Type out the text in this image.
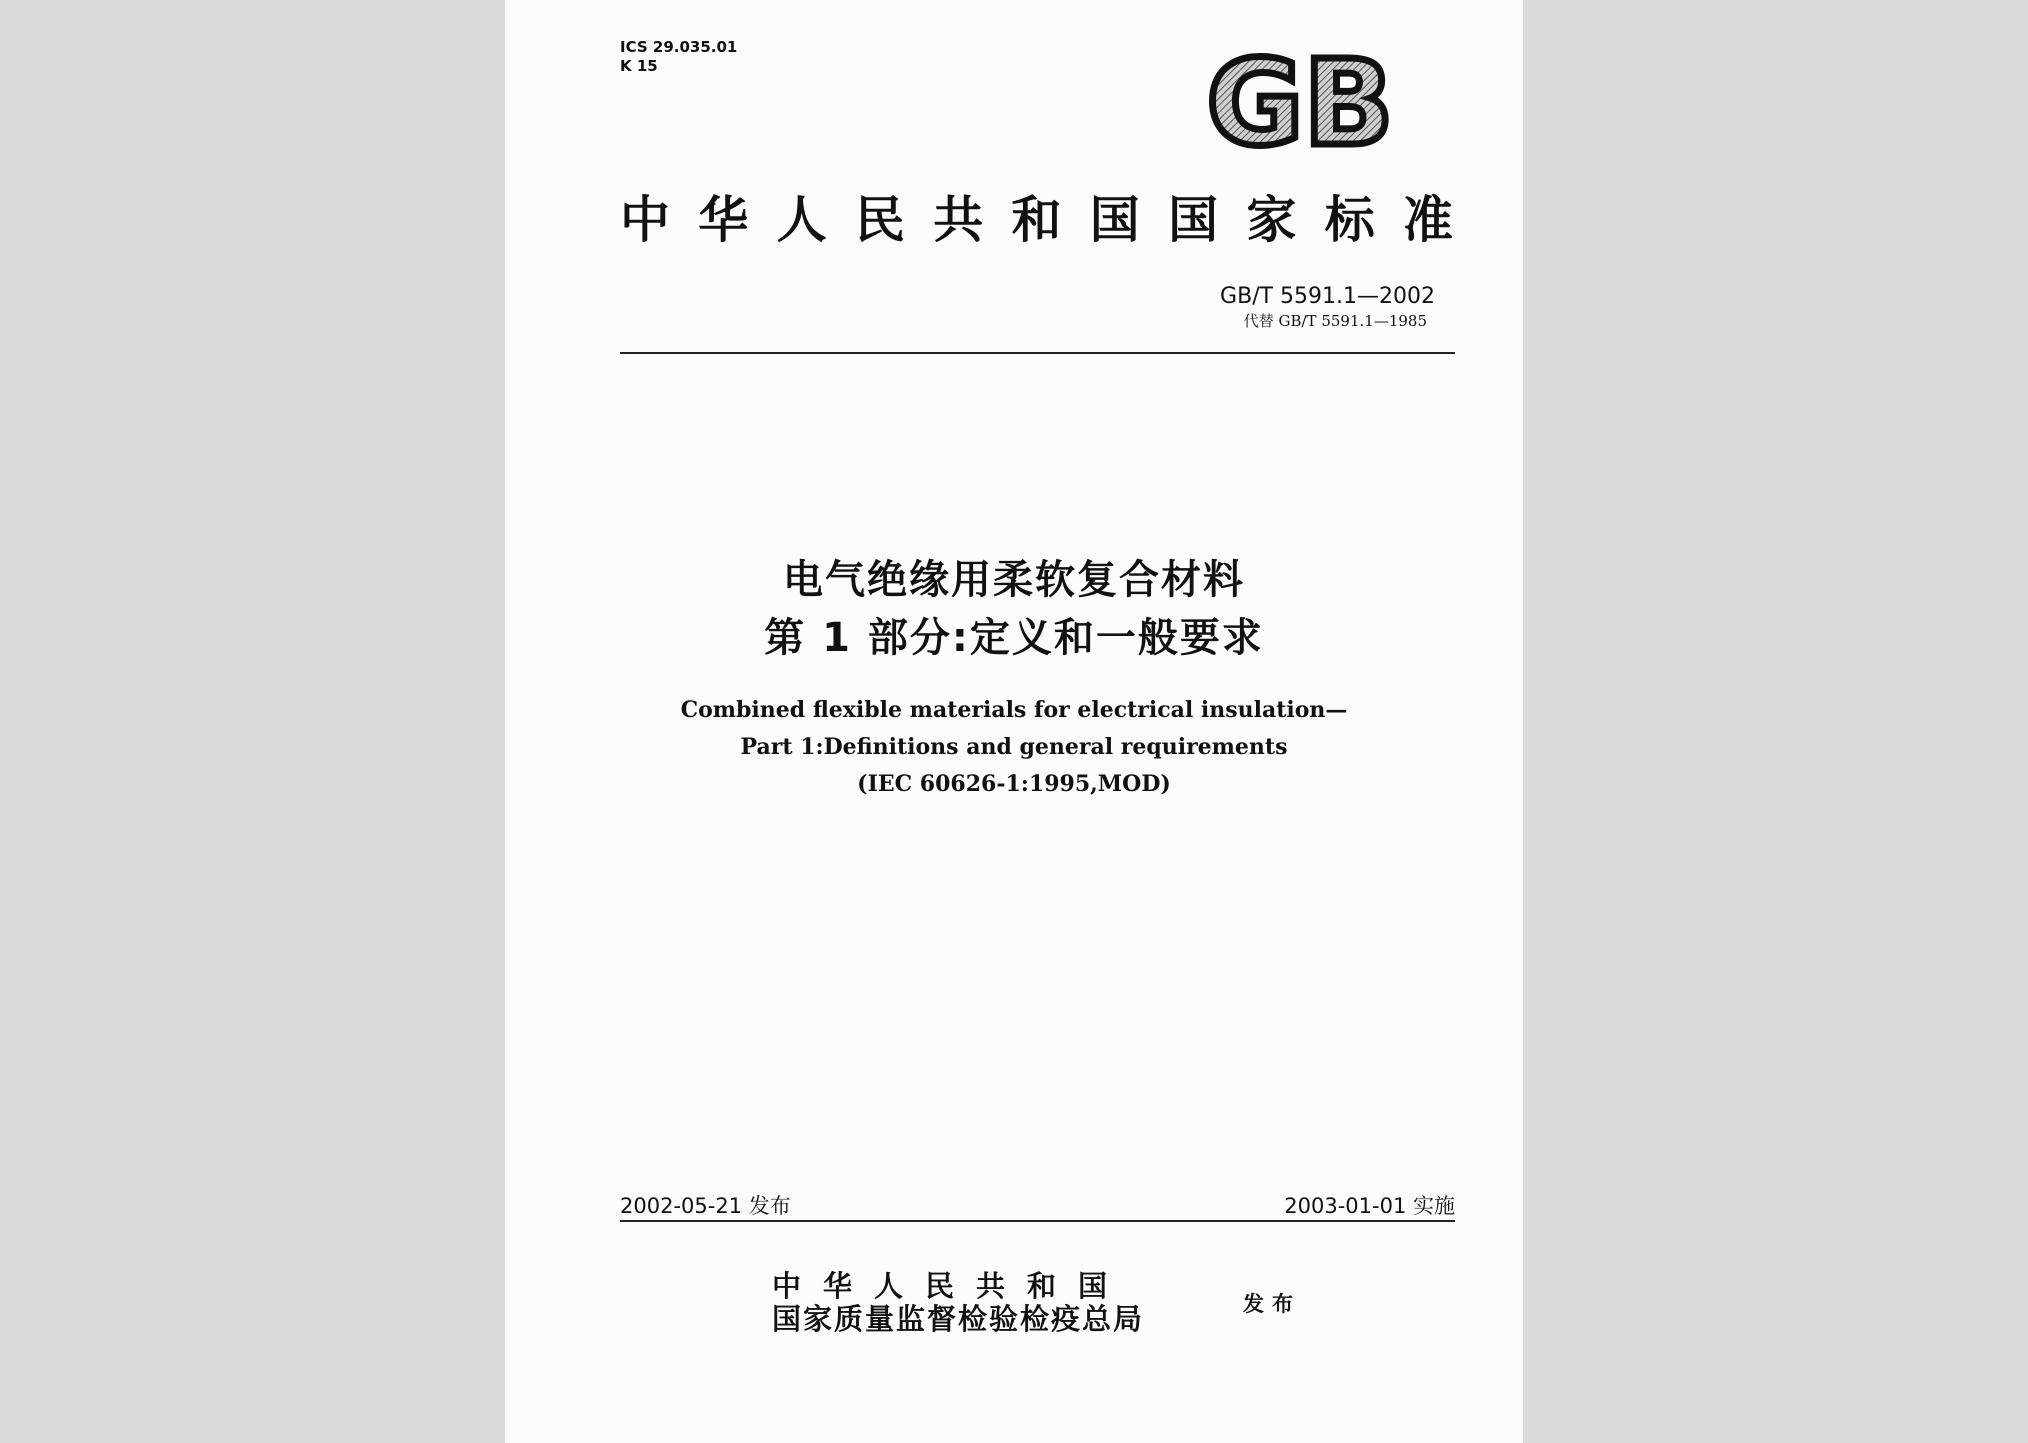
ICS 29.035.01
K 15	GB
中华人民共和国国家标准
GB/T 5591.1—2002
代替 GB/T 5591.1—1985
电气绝缘用柔软复合材料
第 1 部分:定义和一般要求
Combined flexible materials for electrical insulation—
Part 1:Definitions and general requirements
(IEC 60626-1:1995,MOD)
2002-05-21 发布	2003-01-01 实施
中华人民共和国
国家质量监督检验检疫总局	发布
